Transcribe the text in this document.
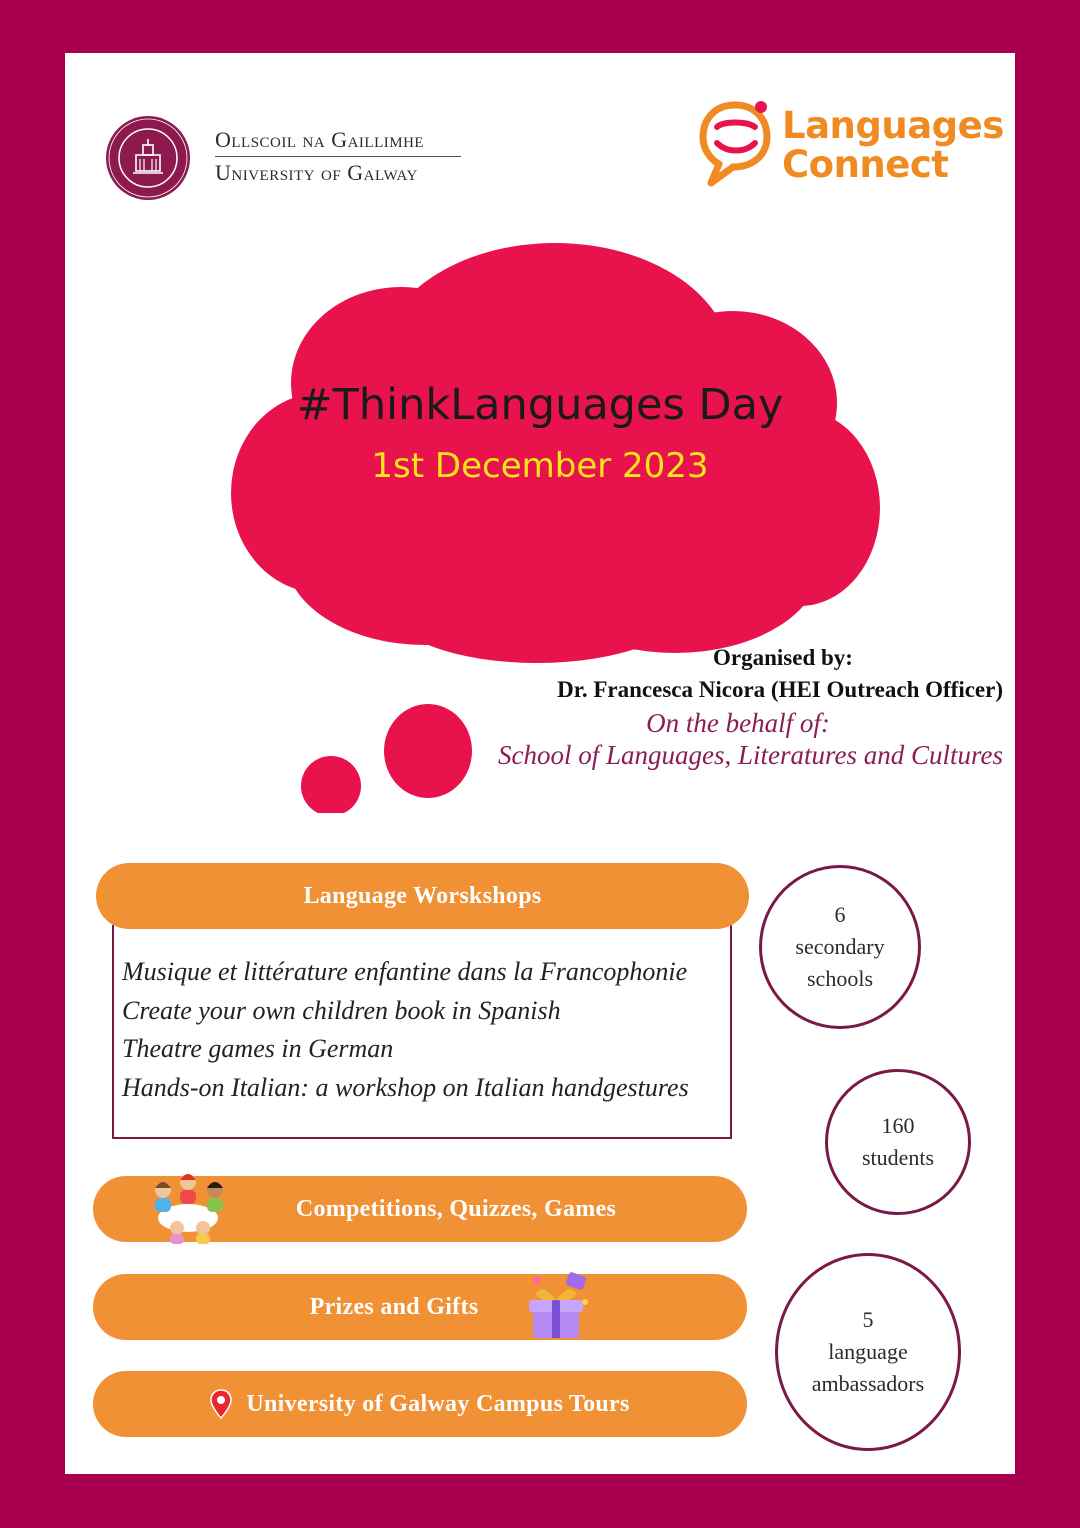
Ollscoil na Gaillimhe
University of Galway
Languages
Connect
#ThinkLanguages Day
1st December 2023
Organised by:
Dr. Francesca Nicora (HEI Outreach Officer)
On the behalf of:
School of Languages, Literatures and Cultures
Musique et littérature enfantine dans la Francophonie
Create your own children book in Spanish
Theatre games in German
Hands-on Italian: a workshop on Italian handgestures
Language Worskshops
Competitions, Quizzes, Games
Prizes and Gifts
University of Galway Campus Tours
6
secondary
schools
160
students
5
language
ambassadors
